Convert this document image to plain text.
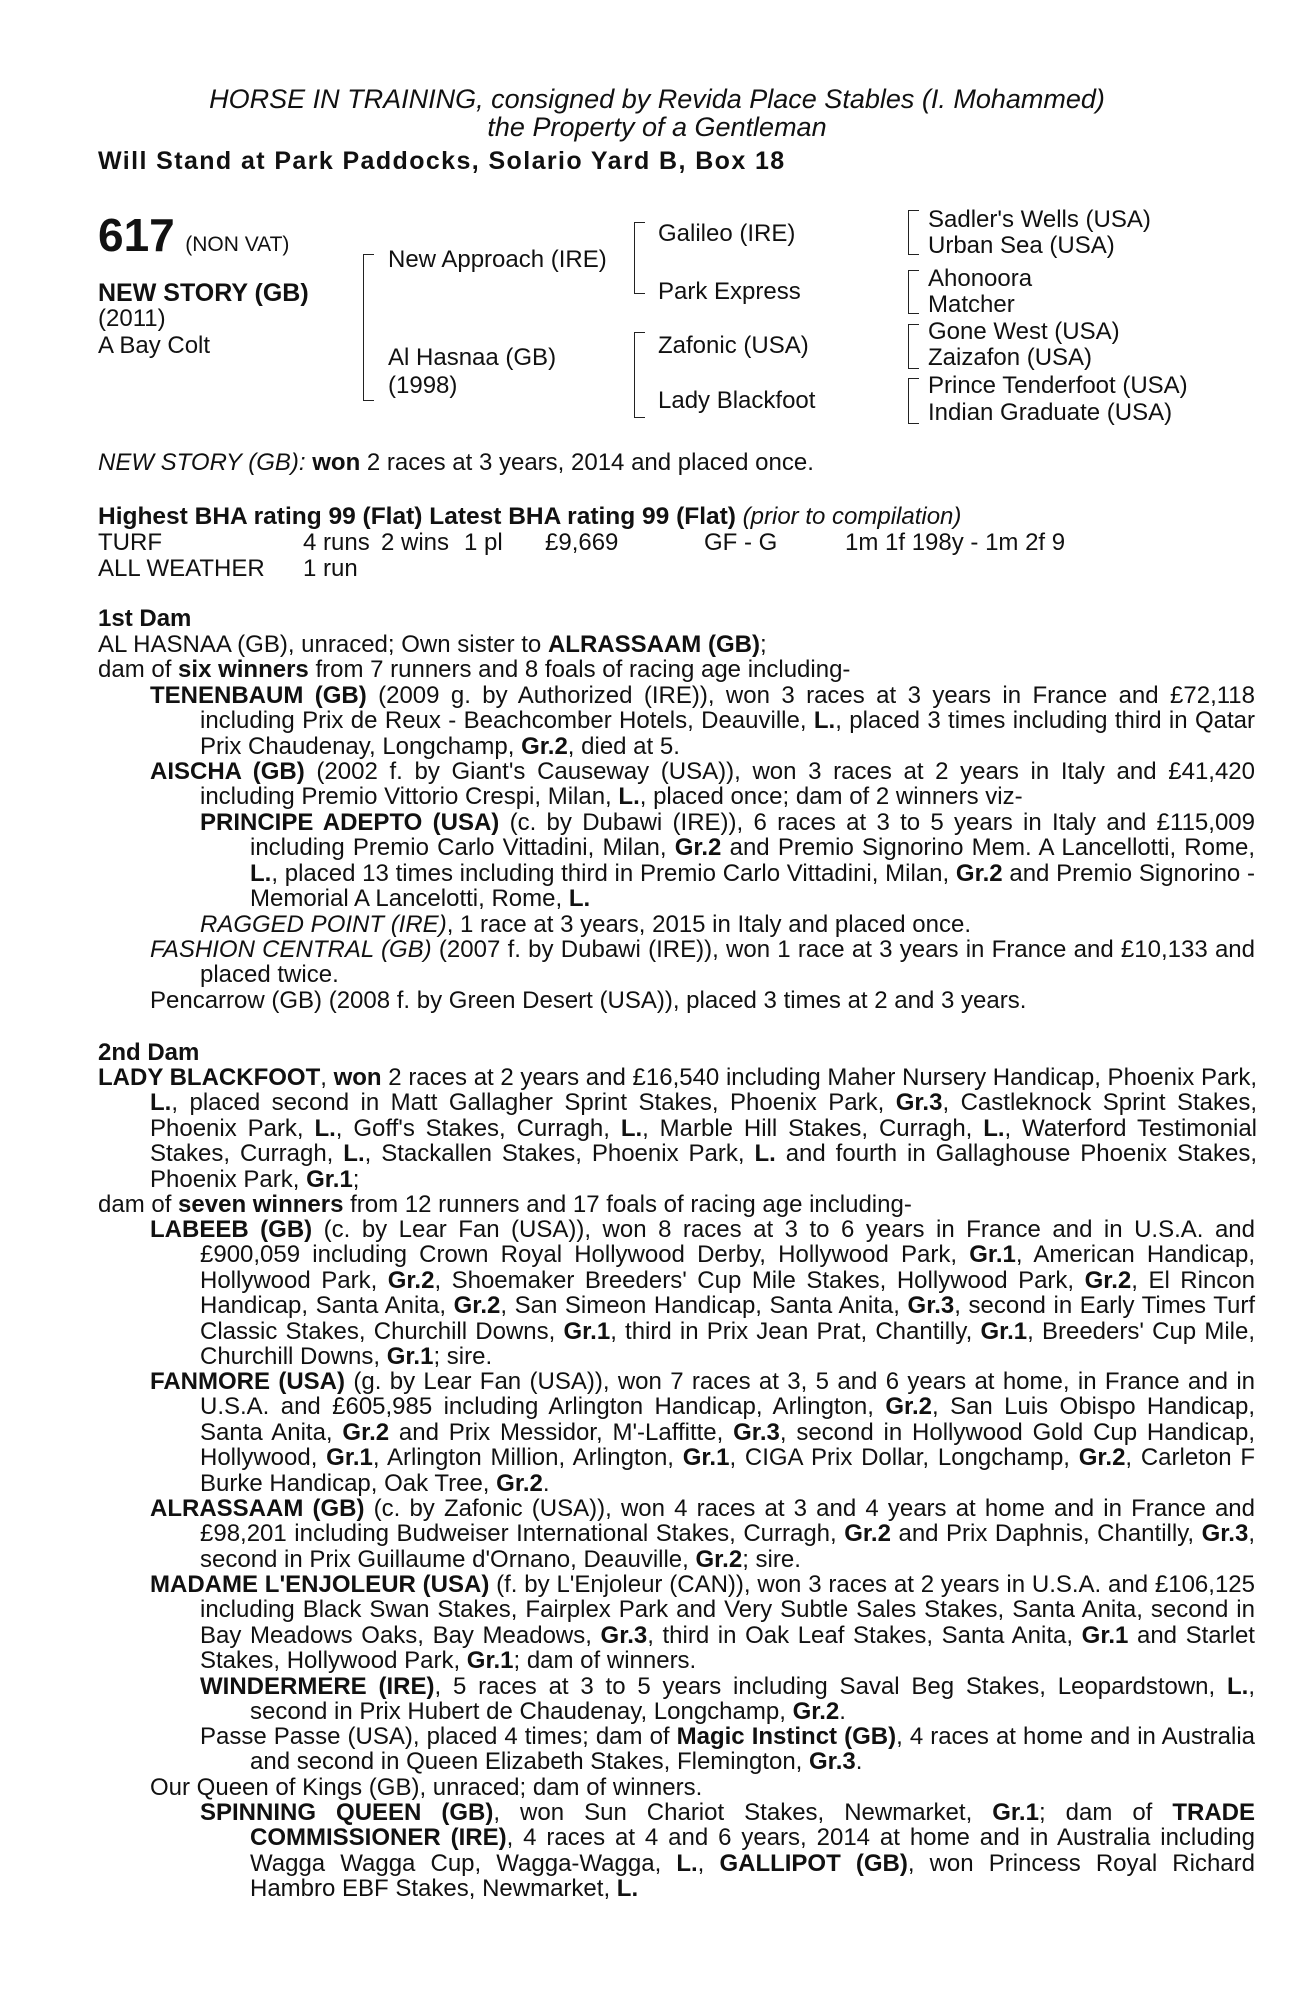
HORSE IN TRAINING, consigned by Revida Place Stables (I. Mohammed)
the Property of a Gentleman
Will Stand at Park Paddocks, Solario Yard B, Box 18
617 (NON VAT)
NEW STORY (GB)
(2011)
A Bay Colt
New Approach (IRE)
Al Hasnaa (GB)
(1998)
Galileo (IRE)
Park Express
Zafonic (USA)
Lady Blackfoot
Sadler's Wells (USA)
Urban Sea (USA)
Ahonoora
Matcher
Gone West (USA)
Zaizafon (USA)
Prince Tenderfoot (USA)
Indian Graduate (USA)
NEW STORY (GB): won 2 races at 3 years, 2014 and placed once.
Highest BHA rating 99 (Flat) Latest BHA rating 99 (Flat) (prior to compilation)
TURF	4 runs 2 wins 1 pl £9,669	GF - G	1m 1f 198y - 1m 2f 9
ALL WEATHER 1 run
1st Dam
AL HASNAA (GB), unraced; Own sister to ALRASSAAM (GB);
dam of six winners from 7 runners and 8 foals of racing age including-
TENENBAUM (GB) (2009 g. by Authorized (IRE)), won 3 races at 3 years in France and £72,118 including Prix de Reux - Beachcomber Hotels, Deauville, L., placed 3 times including third in Qatar Prix Chaudenay, Longchamp, Gr.2, died at 5.
AISCHA (GB) (2002 f. by Giant's Causeway (USA)), won 3 races at 2 years in Italy and £41,420 including Premio Vittorio Crespi, Milan, L., placed once; dam of 2 winners viz-
PRINCIPE ADEPTO (USA) (c. by Dubawi (IRE)), 6 races at 3 to 5 years in Italy and £115,009 including Premio Carlo Vittadini, Milan, Gr.2 and Premio Signorino Mem. A Lancellotti, Rome, L., placed 13 times including third in Premio Carlo Vittadini, Milan, Gr.2 and Premio Signorino - Memorial A Lancelotti, Rome, L.
RAGGED POINT (IRE), 1 race at 3 years, 2015 in Italy and placed once.
FASHION CENTRAL (GB) (2007 f. by Dubawi (IRE)), won 1 race at 3 years in France and £10,133 and placed twice.
Pencarrow (GB) (2008 f. by Green Desert (USA)), placed 3 times at 2 and 3 years.
2nd Dam
LADY BLACKFOOT, won 2 races at 2 years and £16,540 including Maher Nursery Handicap, Phoenix Park, L., placed second in Matt Gallagher Sprint Stakes, Phoenix Park, Gr.3, Castleknock Sprint Stakes, Phoenix Park, L., Goff's Stakes, Curragh, L., Marble Hill Stakes, Curragh, L., Waterford Testimonial Stakes, Curragh, L., Stackallen Stakes, Phoenix Park, L. and fourth in Gallaghouse Phoenix Stakes, Phoenix Park, Gr.1;
dam of seven winners from 12 runners and 17 foals of racing age including-
LABEEB (GB) (c. by Lear Fan (USA)), won 8 races at 3 to 6 years in France and in U.S.A. and £900,059 including Crown Royal Hollywood Derby, Hollywood Park, Gr.1, American Handicap, Hollywood Park, Gr.2, Shoemaker Breeders' Cup Mile Stakes, Hollywood Park, Gr.2, El Rincon Handicap, Santa Anita, Gr.2, San Simeon Handicap, Santa Anita, Gr.3, second in Early Times Turf Classic Stakes, Churchill Downs, Gr.1, third in Prix Jean Prat, Chantilly, Gr.1, Breeders' Cup Mile, Churchill Downs, Gr.1; sire.
FANMORE (USA) (g. by Lear Fan (USA)), won 7 races at 3, 5 and 6 years at home, in France and in U.S.A. and £605,985 including Arlington Handicap, Arlington, Gr.2, San Luis Obispo Handicap, Santa Anita, Gr.2 and Prix Messidor, M'-Laffitte, Gr.3, second in Hollywood Gold Cup Handicap, Hollywood, Gr.1, Arlington Million, Arlington, Gr.1, CIGA Prix Dollar, Longchamp, Gr.2, Carleton F Burke Handicap, Oak Tree, Gr.2.
ALRASSAAM (GB) (c. by Zafonic (USA)), won 4 races at 3 and 4 years at home and in France and £98,201 including Budweiser International Stakes, Curragh, Gr.2 and Prix Daphnis, Chantilly, Gr.3, second in Prix Guillaume d'Ornano, Deauville, Gr.2; sire.
MADAME L'ENJOLEUR (USA) (f. by L'Enjoleur (CAN)), won 3 races at 2 years in U.S.A. and £106,125 including Black Swan Stakes, Fairplex Park and Very Subtle Sales Stakes, Santa Anita, second in Bay Meadows Oaks, Bay Meadows, Gr.3, third in Oak Leaf Stakes, Santa Anita, Gr.1 and Starlet Stakes, Hollywood Park, Gr.1; dam of winners.
WINDERMERE (IRE), 5 races at 3 to 5 years including Saval Beg Stakes, Leopardstown, L., second in Prix Hubert de Chaudenay, Longchamp, Gr.2.
Passe Passe (USA), placed 4 times; dam of Magic Instinct (GB), 4 races at home and in Australia and second in Queen Elizabeth Stakes, Flemington, Gr.3.
Our Queen of Kings (GB), unraced; dam of winners.
SPINNING QUEEN (GB), won Sun Chariot Stakes, Newmarket, Gr.1; dam of TRADE COMMISSIONER (IRE), 4 races at 4 and 6 years, 2014 at home and in Australia including Wagga Wagga Cup, Wagga-Wagga, L., GALLIPOT (GB), won Princess Royal Richard Hambro EBF Stakes, Newmarket, L.
